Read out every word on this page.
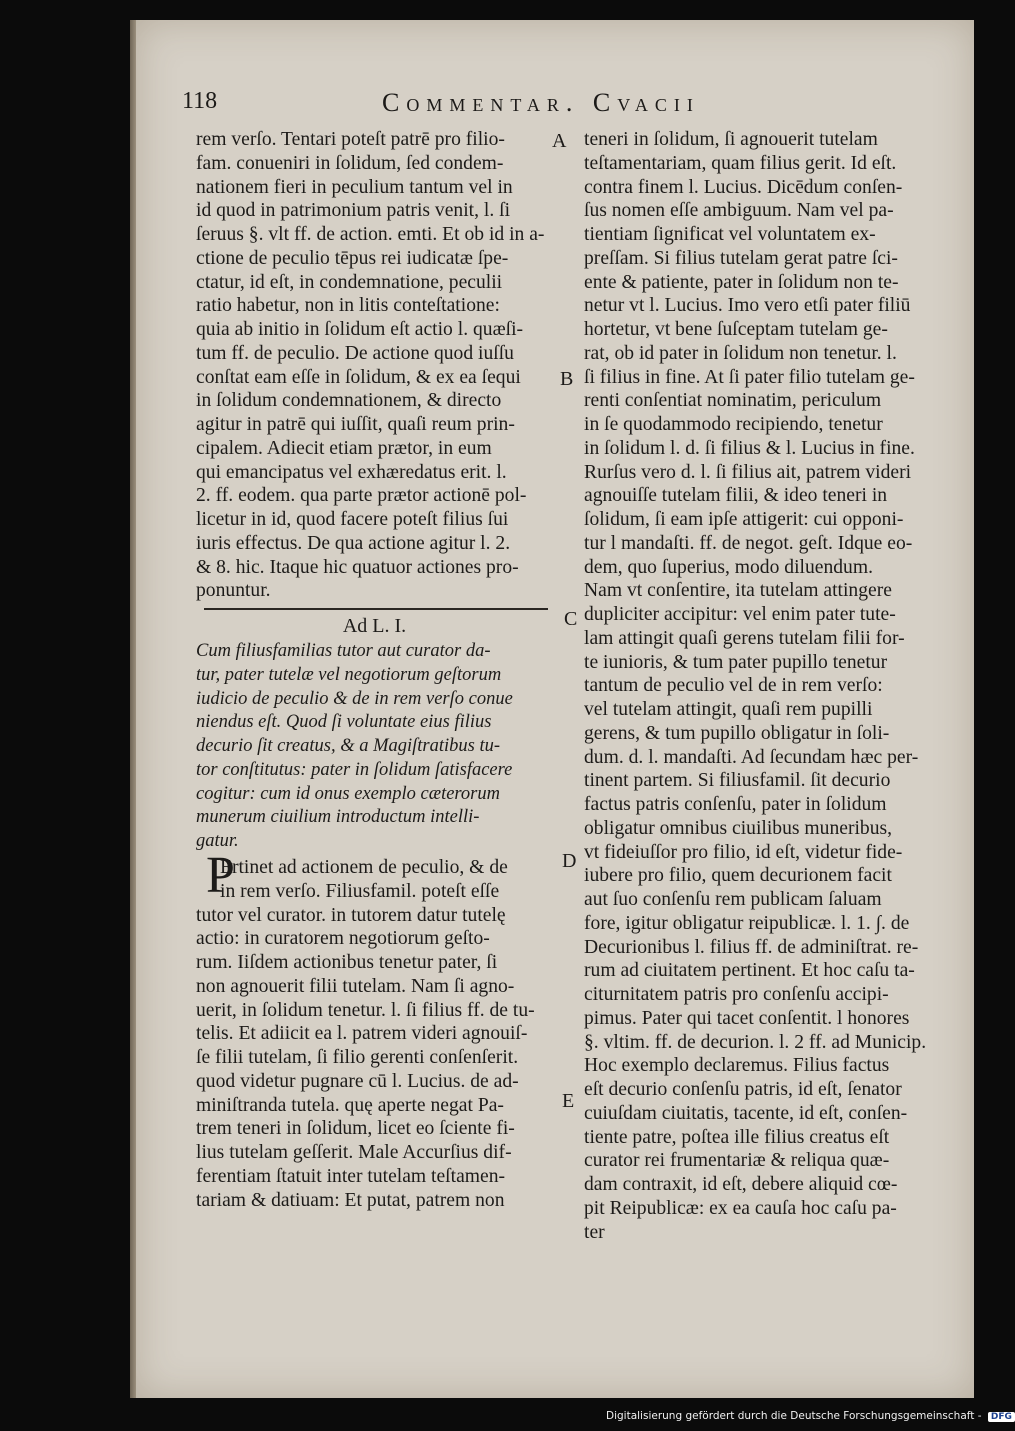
118	Commentar. Cvacii
rem verſo. Tentari poteſt patrē pro filio-
fam. conueniri in ſolidum, ſed condem-
nationem fieri in peculium tantum vel in
id quod in patrimonium patris venit, l. ſi
ſeruus §. vlt ff. de action. emti. Et ob id in a-
ctione de peculio tēpus rei iudicatæ ſpe-
ctatur, id eſt, in condemnatione, peculii
ratio habetur, non in litis conteſtatione:
quia ab initio in ſolidum eſt actio l. quæſi-
tum ff. de peculio. De actione quod iuſſu
conſtat eam eſſe in ſolidum, & ex ea ſequi
in ſolidum condemnationem, & directo
agitur in patrē qui iuſſit, quaſi reum prin-
cipalem. Adiecit etiam prætor, in eum
qui emancipatus vel exhæredatus erit. l.
2. ff. eodem. qua parte prætor actionē pol-
licetur in id, quod facere poteſt filius ſui
iuris effectus. De qua actione agitur l. 2.
& 8. hic. Itaque hic quatuor actiones pro-
ponuntur.
Ad L. I.
Cum filiusfamilias tutor aut curator da-
tur, pater tutelæ vel negotiorum geſtorum
iudicio de peculio & de in rem verſo conue
niendus eſt. Quod ſi voluntate eius filius
decurio ſit creatus, & a Magiſtratibus tu-
tor conſtitutus: pater in ſolidum ſatisfacere
cogitur: cum id onus exemplo cæterorum
munerum ciuilium introductum intelli-
gatur.
P
Ertinet ad actionem de peculio, & de
in rem verſo. Filiusfamil. poteſt eſſe
tutor vel curator. in tutorem datur tutelę
actio: in curatorem negotiorum geſto-
rum. Iiſdem actionibus tenetur pater, ſi
non agnouerit filii tutelam. Nam ſi agno-
uerit, in ſolidum tenetur. l. ſi filius ff. de tu-
telis. Et adiicit ea l. patrem videri agnouiſ-
ſe filii tutelam, ſi filio gerenti conſenſerit.
quod videtur pugnare cū l. Lucius. de ad-
miniſtranda tutela. quę aperte negat Pa-
trem teneri in ſolidum, licet eo ſciente fi-
lius tutelam geſſerit. Male Accurſius dif-
ferentiam ſtatuit inter tutelam teſtamen-
tariam & datiuam: Et putat, patrem non
teneri in ſolidum, ſi agnouerit tutelam
teſtamentariam, quam filius gerit. Id eſt.
contra finem l. Lucius. Dicēdum conſen-
ſus nomen eſſe ambiguum. Nam vel pa-
tientiam ſignificat vel voluntatem ex-
preſſam. Si filius tutelam gerat patre ſci-
ente & patiente, pater in ſolidum non te-
netur vt l. Lucius. Imo vero etſi pater filiū
hortetur, vt bene ſuſceptam tutelam ge-
rat, ob id pater in ſolidum non tenetur. l.
ſi filius in fine. At ſi pater filio tutelam ge-
renti conſentiat nominatim, periculum
in ſe quodammodo recipiendo, tenetur
in ſolidum l. d. ſi filius & l. Lucius in fine.
Rurſus vero d. l. ſi filius ait, patrem videri
agnouiſſe tutelam filii, & ideo teneri in
ſolidum, ſi eam ipſe attigerit: cui opponi-
tur l mandaſti. ff. de negot. geſt. Idque eo-
dem, quo ſuperius, modo diluendum.
Nam vt conſentire, ita tutelam attingere
dupliciter accipitur: vel enim pater tute-
lam attingit quaſi gerens tutelam filii for-
te iunioris, & tum pater pupillo tenetur
tantum de peculio vel de in rem verſo:
vel tutelam attingit, quaſi rem pupilli
gerens, & tum pupillo obligatur in ſoli-
dum. d. l. mandaſti. Ad ſecundam hæc per-
tinent partem. Si filiusfamil. ſit decurio
factus patris conſenſu, pater in ſolidum
obligatur omnibus ciuilibus muneribus,
vt fideiuſſor pro filio, id eſt, videtur fide-
iubere pro filio, quem decurionem facit
aut ſuo conſenſu rem publicam ſaluam
fore, igitur obligatur reipublicæ. l. 1. ∫. de
Decurionibus l. filius ff. de adminiſtrat. re-
rum ad ciuitatem pertinent. Et hoc caſu ta-
citurnitatem patris pro conſenſu accipi-
pimus. Pater qui tacet conſentit. l honores
§. vltim. ff. de decurion. l. 2 ff. ad Municip.
Hoc exemplo declaremus. Filius factus
eſt decurio conſenſu patris, id eſt, ſenator
cuiuſdam ciuitatis, tacente, id eſt, conſen-
tiente patre, poſtea ille filius creatus eſt
curator rei frumentariæ & reliqua quæ-
dam contraxit, id eſt, debere aliquid cœ-
pit Reipublicæ: ex ea cauſa hoc caſu pa-
ter
A
B
C
D
E
Digitalisierung gefördert durch die Deutsche Forschungsgemeinschaft - DFG
